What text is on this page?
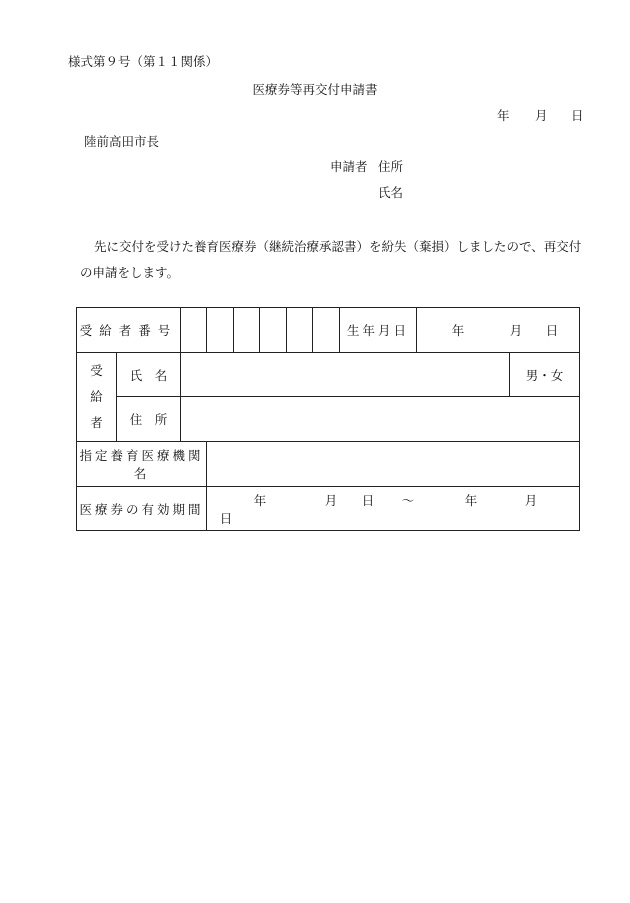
様式第９号（第１１関係）
医療券等再交付申請書
年 月 日
陸前高田市長
申請者 住所
氏名
先に交付を受けた養育医療券（継続治療承認書）を紛失（棄損）しましたので、再交付の申請をします。
受給者番号								生年月日	年 月 日	

受
給
者	氏　名									男・女
	住　所									
指定養育医療機関名										
医療券の有効期間			年 月 日 ～ 年 月日							
